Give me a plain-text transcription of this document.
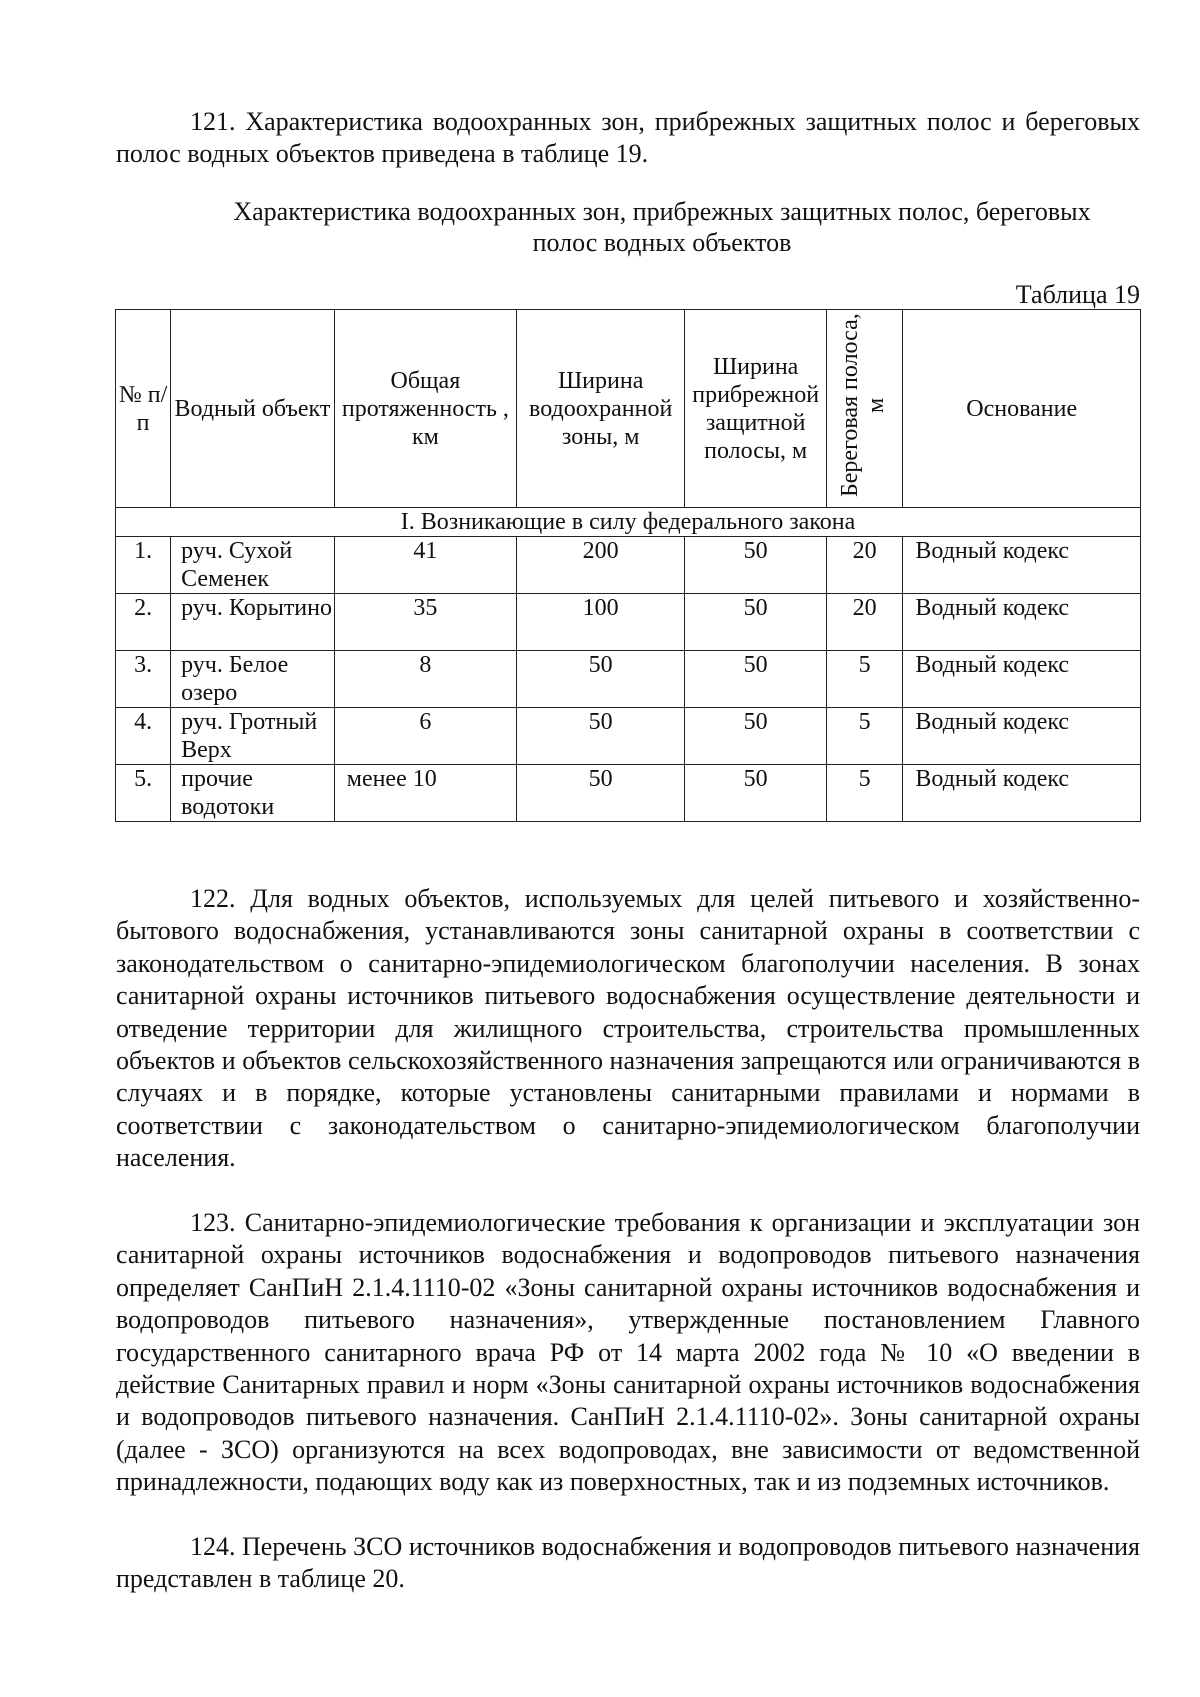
121. Характеристика водоохранных зон, прибрежных защитных полос и береговых полос водных объектов приведена в таблице 19.

Характеристика водоохранных зон, прибрежных защитных полос, береговых

полос водных объектов

Таблица 19
№ п/п	Водный объект	Общая протяженность , км	Ширина водоохранной зоны, м	Ширина прибрежной защитной полосы, м	Береговая полоса, м	Основание
I. Возникающие в силу федерального закона						
1.	руч. Сухой Семенек	41	200	50	20	Водный кодекс
2.	руч. Корытино	35	100	50	20	Водный кодекс
3.	руч. Белое озеро	8	50	50	5	Водный кодекс
4.	руч. Гротный Верх	6	50	50	5	Водный кодекс
5.	прочие водотоки	менее 10	50	50	5	Водный кодекс

122. Для водных объектов, используемых для целей питьевого и хозяйственно-бытового водоснабжения, устанавливаются зоны санитарной охраны в соответствии с законодательством о санитарно-эпидемиологическом благополучии населения. В зонах санитарной охраны источников питьевого водоснабжения осуществление деятельности и отведение территории для жилищного строительства, строительства промышленных объектов и объектов сельскохозяйственного назначения запрещаются или ограничиваются в случаях и в порядке, которые установлены санитарными правилами и нормами в соответствии с законодательством о санитарно-эпидемиологическом благополучии населения.

123. Санитарно-эпидемиологические требования к организации и эксплуатации зон санитарной охраны источников водоснабжения и водопроводов питьевого назначения определяет СанПиН 2.1.4.1110-02 «Зоны санитарной охраны источников водоснабжения и водопроводов питьевого назначения», утвержденные постановлением Главного государственного санитарного врача РФ от 14 марта 2002 года № 10 «О введении в действие Санитарных правил и норм «Зоны санитарной охраны источников водоснабжения и водопроводов питьевого назначения. СанПиН 2.1.4.1110-02». Зоны санитарной охраны (далее - ЗСО) организуются на всех водопроводах, вне зависимости от ведомственной принадлежности, подающих воду как из поверхностных, так и из подземных источников.

124. Перечень ЗСО источников водоснабжения и водопроводов питьевого назначения представлен в таблице 20.
